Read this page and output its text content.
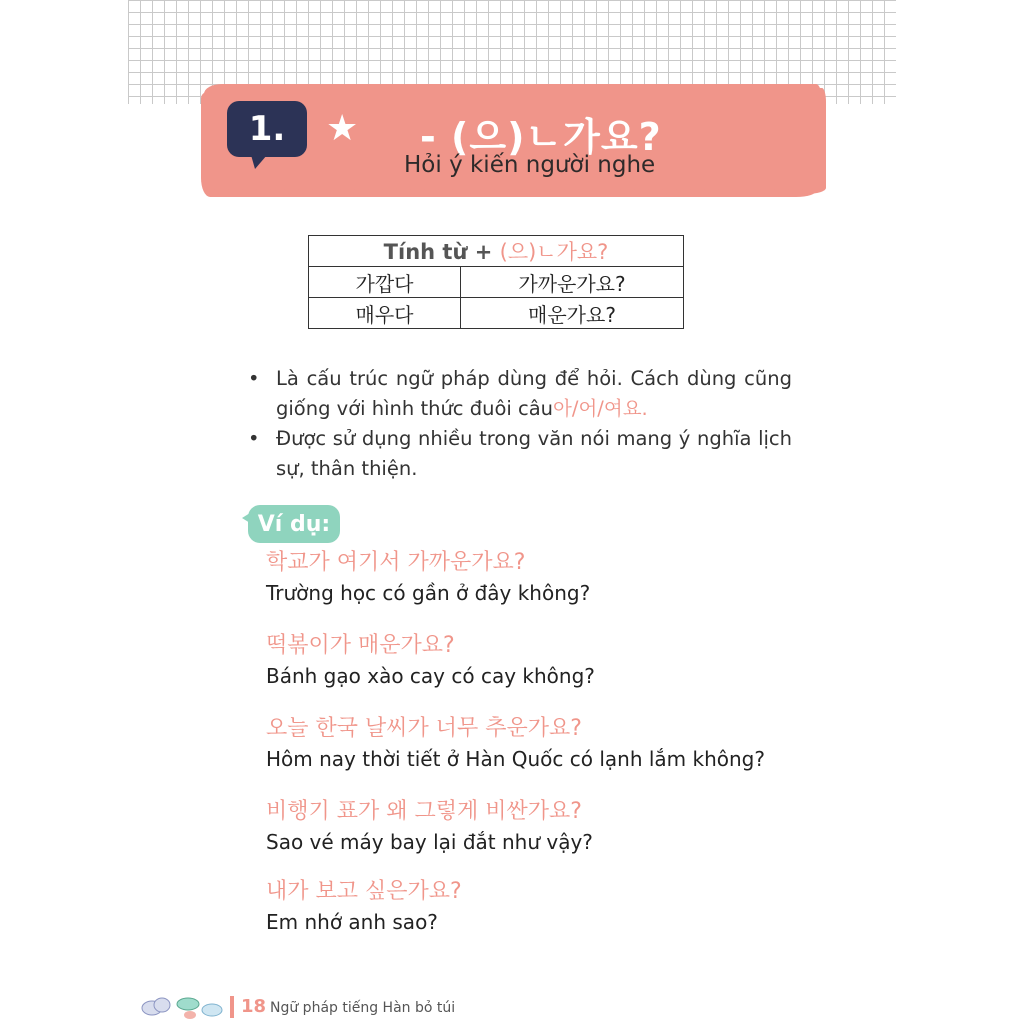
1. ★ - (으)ㄴ가요?
Hỏi ý kiến người nghe
Tính từ + (으)ㄴ가요?	
가깝다	가까운가요?
매우다	매운가요?
• Là cấu trúc ngữ pháp dùng để hỏi. Cách dùng cũng giống với hình thức đuôi câu아/어/여요.
• Được sử dụng nhiều trong văn nói mang ý nghĩa lịch sự, thân thiện.
Ví dụ:
학교가 여기서 가까운가요?
Trường học có gần ở đây không?
떡볶이가 매운가요?
Bánh gạo xào cay có cay không?
오늘 한국 날씨가 너무 추운가요?
Hôm nay thời tiết ở Hàn Quốc có lạnh lắm không?
비행기 표가 왜 그렇게 비싼가요?
Sao vé máy bay lại đắt như vậy?
내가 보고 싶은가요?
Em nhớ anh sao?
18 Ngữ pháp tiếng Hàn bỏ túi
